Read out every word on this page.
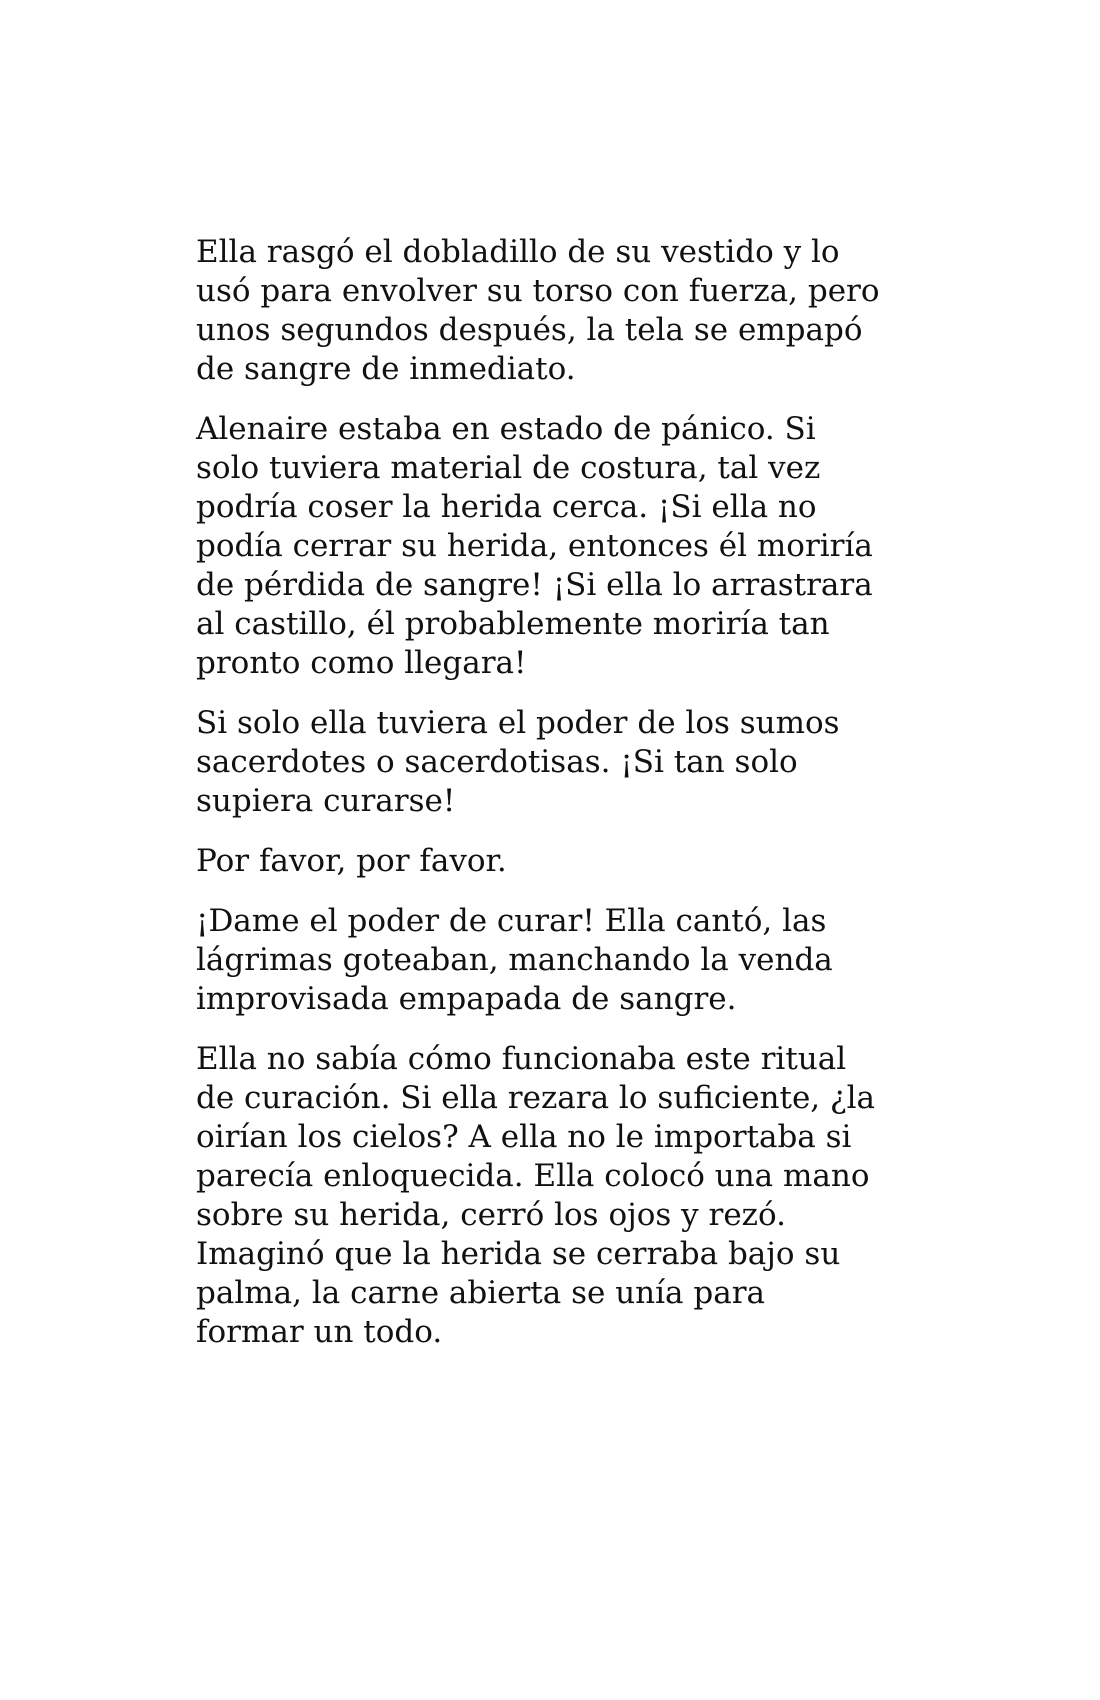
Ella rasgó el dobladillo de su vestido y lo
usó para envolver su torso con fuerza, pero
unos segundos después, la tela se empapó
de sangre de inmediato.

Alenaire estaba en estado de pánico. Si
solo tuviera material de costura, tal vez
podría coser la herida cerca. ¡Si ella no
podía cerrar su herida, entonces él moriría
de pérdida de sangre! ¡Si ella lo arrastrara
al castillo, él probablemente moriría tan
pronto como llegara!

Si solo ella tuviera el poder de los sumos
sacerdotes o sacerdotisas. ¡Si tan solo
supiera curarse!

Por favor, por favor.

¡Dame el poder de curar! Ella cantó, las
lágrimas goteaban, manchando la venda
improvisada empapada de sangre.

Ella no sabía cómo funcionaba este ritual
de curación. Si ella rezara lo suficiente, ¿la
oirían los cielos? A ella no le importaba si
parecía enloquecida. Ella colocó una mano
sobre su herida, cerró los ojos y rezó.
Imaginó que la herida se cerraba bajo su
palma, la carne abierta se unía para
formar un todo.
